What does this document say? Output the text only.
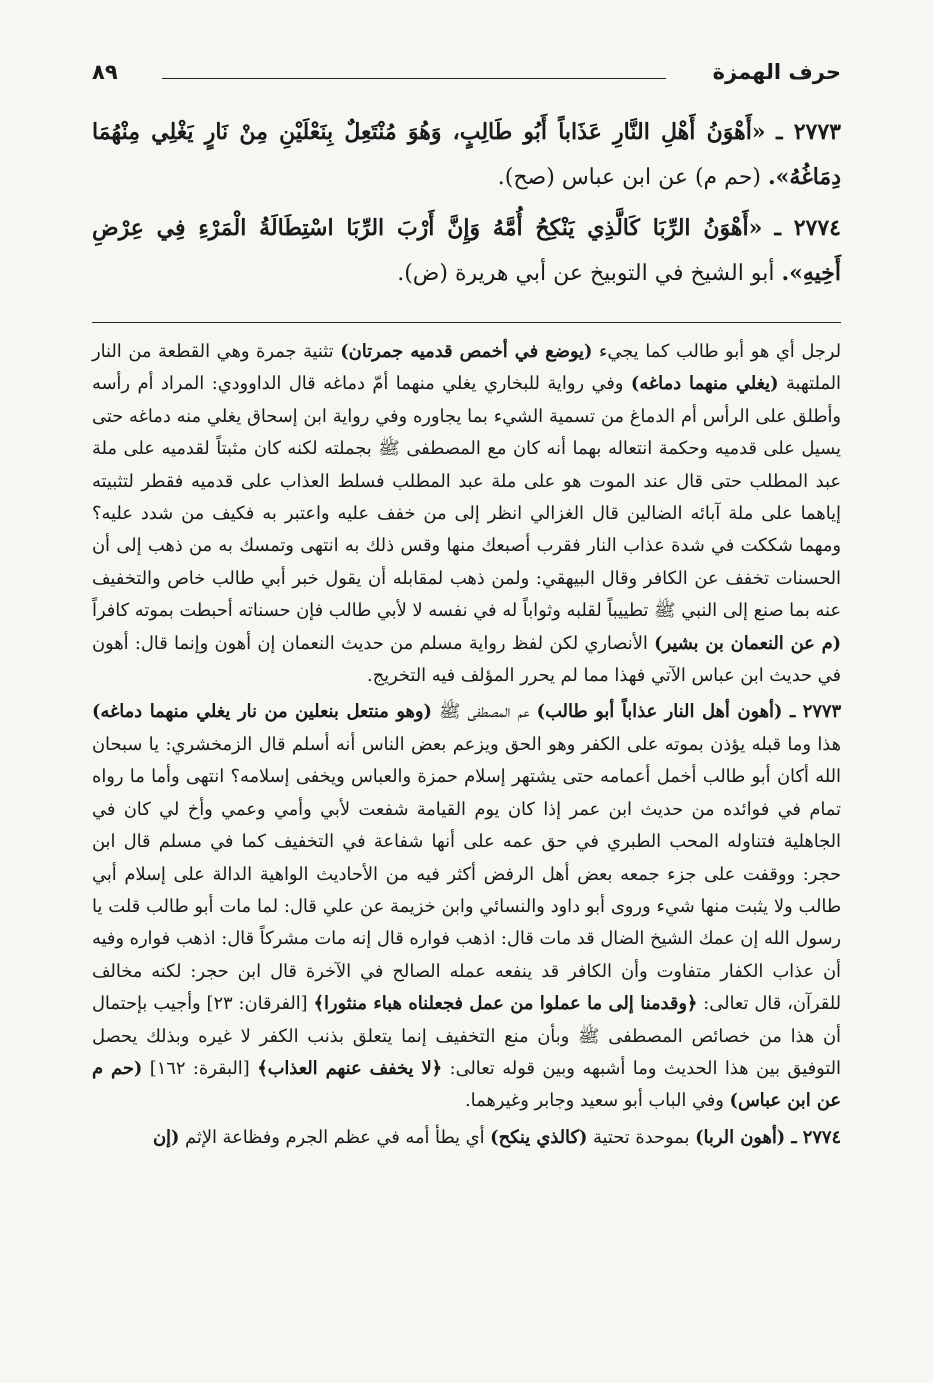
حرف الهمزة
٨٩

٢٧٧٣ ـ «أَهْوَنُ أَهْلِ النَّارِ عَذَاباً أَبُو طَالِبٍ، وَهُوَ مُنْتَعِلٌ بِنَعْلَيْنِ مِنْ نَارٍ يَغْلِي مِنْهُمَا دِمَاغُهُ». (حم م) عن ابن عباس (صح).

٢٧٧٤ ـ «أَهْوَنُ الرِّبَا كَالَّذِي يَنْكِحُ أُمَّهُ وَإِنَّ أَرْبَ الرِّبَا اسْتِطَالَةُ الْمَرْءِ فِي عِرْضِ أَخِيهِ». أبو الشيخ في التوبيخ عن أبي هريرة (ض).

لرجل أي هو أبو طالب كما يجيء (يوضع في أخمص قدميه جمرتان) تثنية جمرة وهي القطعة من النار الملتهبة (يغلي منهما دماغه) وفي رواية للبخاري يغلي منهما أمّ دماغه قال الداوودي: المراد أم رأسه وأطلق على الرأس أم الدماغ من تسمية الشيء بما يجاوره وفي رواية ابن إسحاق يغلي منه دماغه حتى يسيل على قدميه وحكمة انتعاله بهما أنه كان مع المصطفى ﷺ بجملته لكنه كان مثبتاً لقدميه على ملة عبد المطلب حتى قال عند الموت هو على ملة عبد المطلب فسلط العذاب على قدميه فقطر لتثبيته إياهما على ملة آبائه الضالين قال الغزالي انظر إلى من خفف عليه واعتبر به فكيف من شدد عليه؟ ومهما شككت في شدة عذاب النار فقرب أصبعك منها وقس ذلك به انتهى وتمسك به من ذهب إلى أن الحسنات تخفف عن الكافر وقال البيهقي: ولمن ذهب لمقابله أن يقول خبر أبي طالب خاص والتخفيف عنه بما صنع إلى النبي ﷺ تطييباً لقلبه وثواباً له في نفسه لا لأبي طالب فإن حسناته أحبطت بموته كافراً (م عن النعمان بن بشير) الأنصاري لكن لفظ رواية مسلم من حديث النعمان إن أهون وإنما قال: أهون في حديث ابن عباس الآتي فهذا مما لم يحرر المؤلف فيه التخريج.

٢٧٧٣ ـ (أهون أهل النار عذاباً أبو طالب) عم المصطفى ﷺ (وهو منتعل بنعلين من نار يغلي منهما دماغه) هذا وما قبله يؤذن بموته على الكفر وهو الحق ويزعم بعض الناس أنه أسلم قال الزمخشري: يا سبحان الله أكان أبو طالب أخمل أعمامه حتى يشتهر إسلام حمزة والعباس ويخفى إسلامه؟ انتهى وأما ما رواه تمام في فوائده من حديث ابن عمر إذا كان يوم القيامة شفعت لأبي وأمي وعمي وأخ لي كان في الجاهلية فتناوله المحب الطبري في حق عمه على أنها شفاعة في التخفيف كما في مسلم قال ابن حجر: ووقفت على جزء جمعه بعض أهل الرفض أكثر فيه من الأحاديث الواهية الدالة على إسلام أبي طالب ولا يثبت منها شيء وروى أبو داود والنسائي وابن خزيمة عن علي قال: لما مات أبو طالب قلت يا رسول الله إن عمك الشيخ الضال قد مات قال: اذهب فواره قال إنه مات مشركاً قال: اذهب فواره وفيه أن عذاب الكفار متفاوت وأن الكافر قد ينفعه عمله الصالح في الآخرة قال ابن حجر: لكنه مخالف للقرآن، قال تعالى: ﴿وقدمنا إلى ما عملوا من عمل فجعلناه هباء منثورا﴾ [الفرقان: ٢٣] وأجيب بإحتمال أن هذا من خصائص المصطفى ﷺ وبأن منع التخفيف إنما يتعلق بذنب الكفر لا غيره وبذلك يحصل التوفيق بين هذا الحديث وما أشبهه وبين قوله تعالى: ﴿لا يخفف عنهم العذاب﴾ [البقرة: ١٦٢] (حم م عن ابن عباس) وفي الباب أبو سعيد وجابر وغيرهما.

٢٧٧٤ ـ (أهون الربا) بموحدة تحتية (كالذي ينكح) أي يطأ أمه في عظم الجرم وفظاعة الإثم (إن
